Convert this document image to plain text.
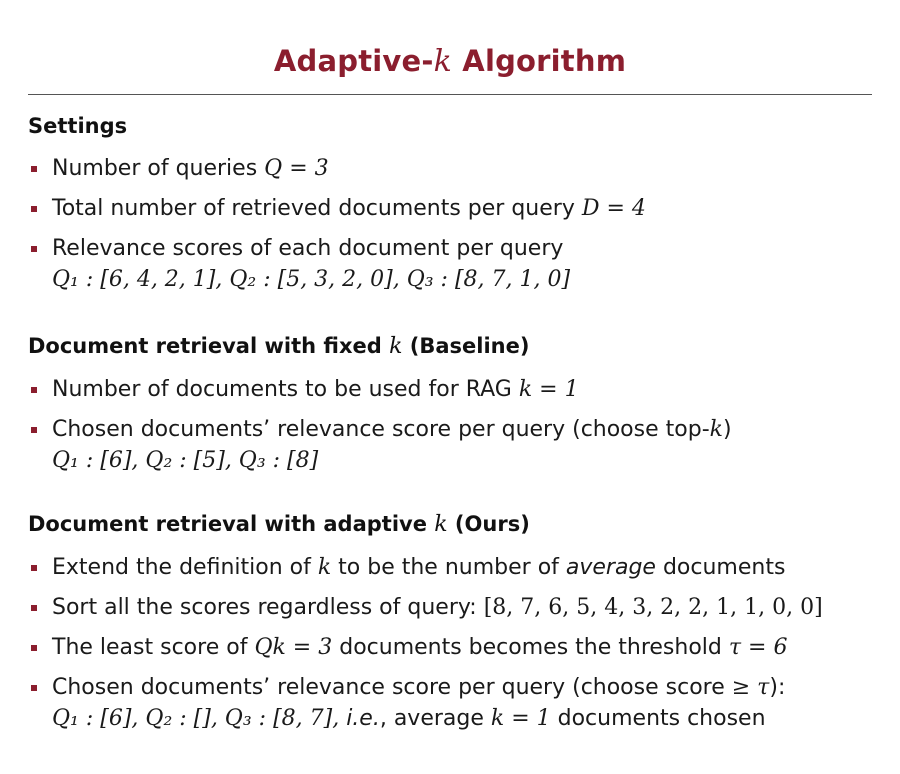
Adaptive-k Algorithm
Settings
Number of queries Q = 3
Total number of retrieved documents per query D = 4
Relevance scores of each document per query
Q₁ : [6, 4, 2, 1], Q₂ : [5, 3, 2, 0], Q₃ : [8, 7, 1, 0]
Document retrieval with fixed k (Baseline)
Number of documents to be used for RAG k = 1
Chosen documents’ relevance score per query (choose top-k)
Q₁ : [6], Q₂ : [5], Q₃ : [8]
Document retrieval with adaptive k (Ours)
Extend the definition of k to be the number of average documents
Sort all the scores regardless of query: [8, 7, 6, 5, 4, 3, 2, 2, 1, 1, 0, 0]
The least score of Qk = 3 documents becomes the threshold τ = 6
Chosen documents’ relevance score per query (choose score ≥ τ):
Q₁ : [6], Q₂ : [], Q₃ : [8, 7], i.e., average k = 1 documents chosen
